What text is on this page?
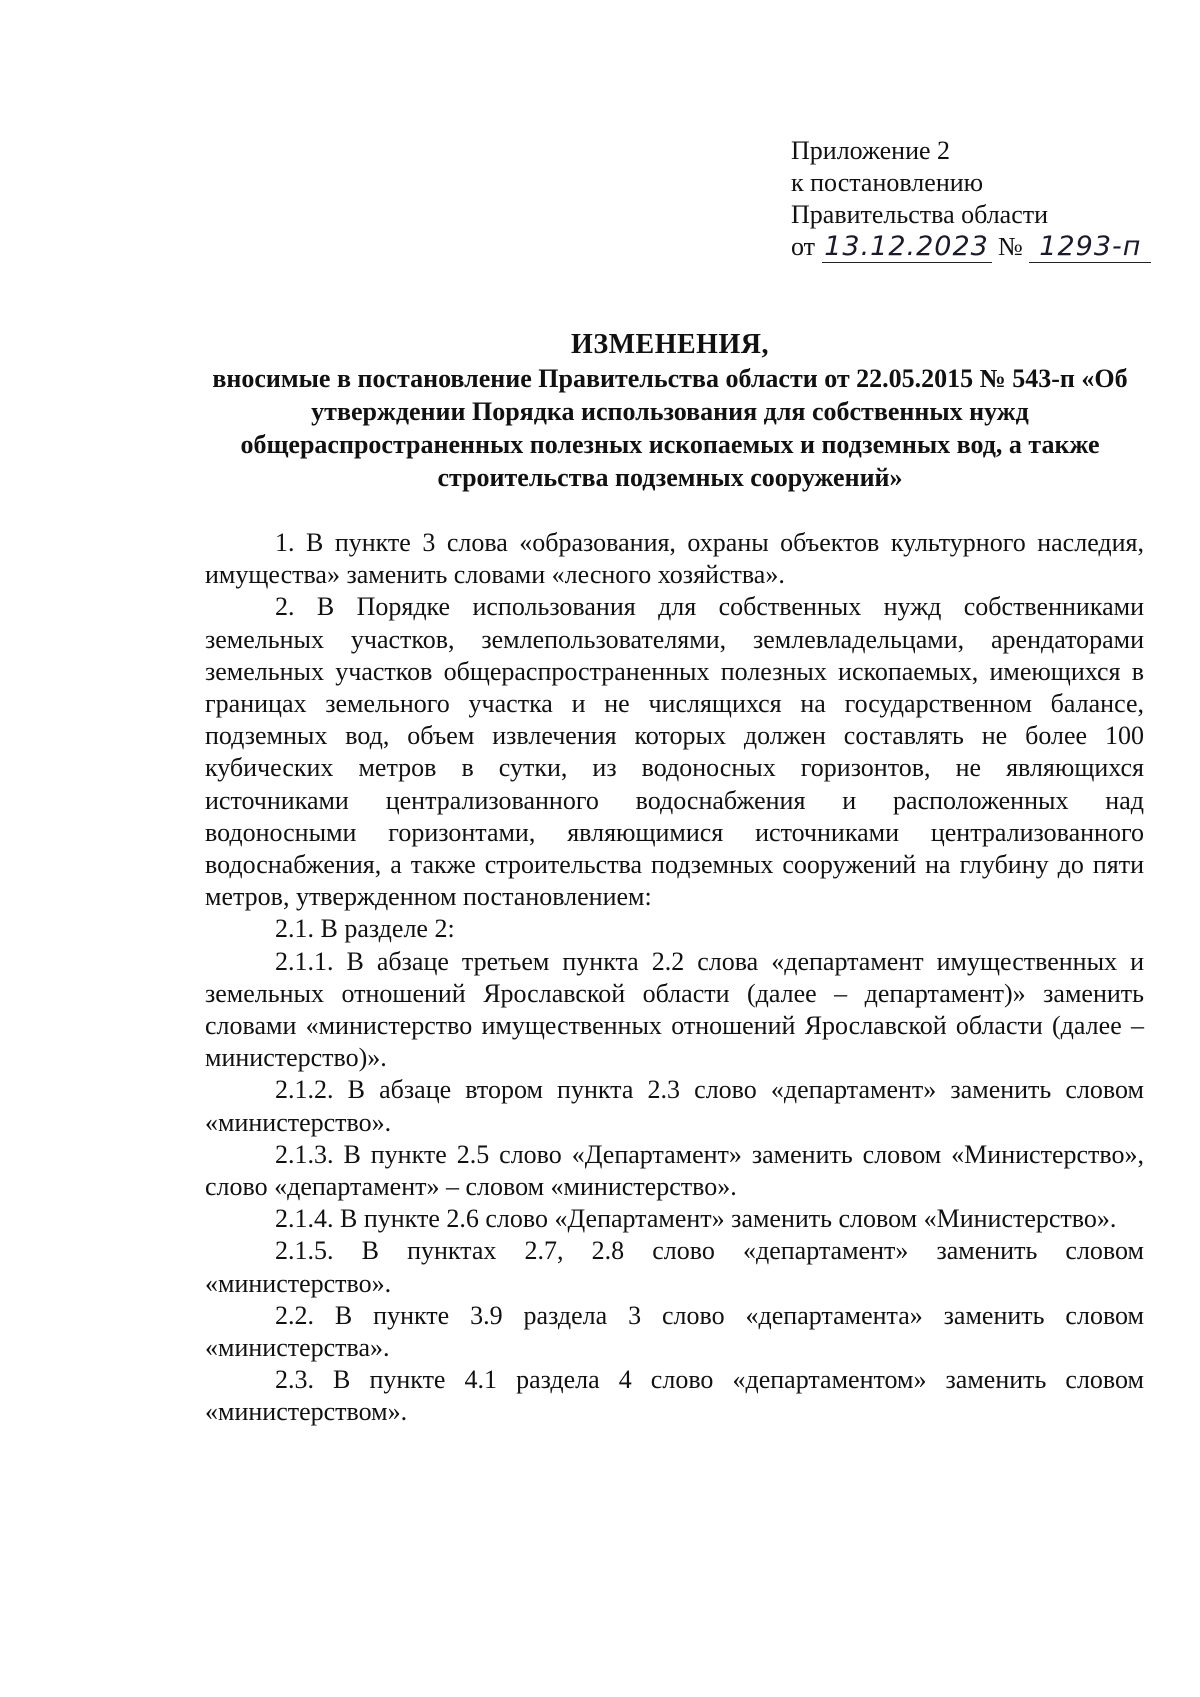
Приложение 2
к постановлению
Правительства области
от 13.12.2023 № 1293-п
ИЗМЕНЕНИЯ,
вносимые в постановление Правительства области от 22.05.2015 № 543-п «Об утверждении Порядка использования для собственных нужд общераспространенных полезных ископаемых и подземных вод, а также строительства подземных сооружений»

1. В пункте 3 слова «образования, охраны объектов культурного наследия, имущества» заменить словами «лесного хозяйства».

2. В Порядке использования для собственных нужд собственниками земельных участков, землепользователями, землевладельцами, арендаторами земельных участков общераспространенных полезных ископаемых, имеющихся в границах земельного участка и не числящихся на государственном балансе, подземных вод, объем извлечения которых должен составлять не более 100 кубических метров в сутки, из водоносных горизонтов, не являющихся источниками централизованного водоснабжения и расположенных над водоносными горизонтами, являющимися источниками централизованного водоснабжения, а также строительства подземных сооружений на глубину до пяти метров, утвержденном постановлением:

2.1. В разделе 2:

2.1.1. В абзаце третьем пункта 2.2 слова «департамент имущественных и земельных отношений Ярославской области (далее – департамент)» заменить словами «министерство имущественных отношений Ярославской области (далее – министерство)».

2.1.2. В абзаце втором пункта 2.3 слово «департамент» заменить словом «министерство».

2.1.3. В пункте 2.5 слово «Департамент» заменить словом «Министерство», слово «департамент» – словом «министерство».

2.1.4. В пункте 2.6 слово «Департамент» заменить словом «Министерство».

2.1.5. В пунктах 2.7, 2.8 слово «департамент» заменить словом «министерство».

2.2. В пункте 3.9 раздела 3 слово «департамента» заменить словом «министерства».

2.3. В пункте 4.1 раздела 4 слово «департаментом» заменить словом «министерством».
